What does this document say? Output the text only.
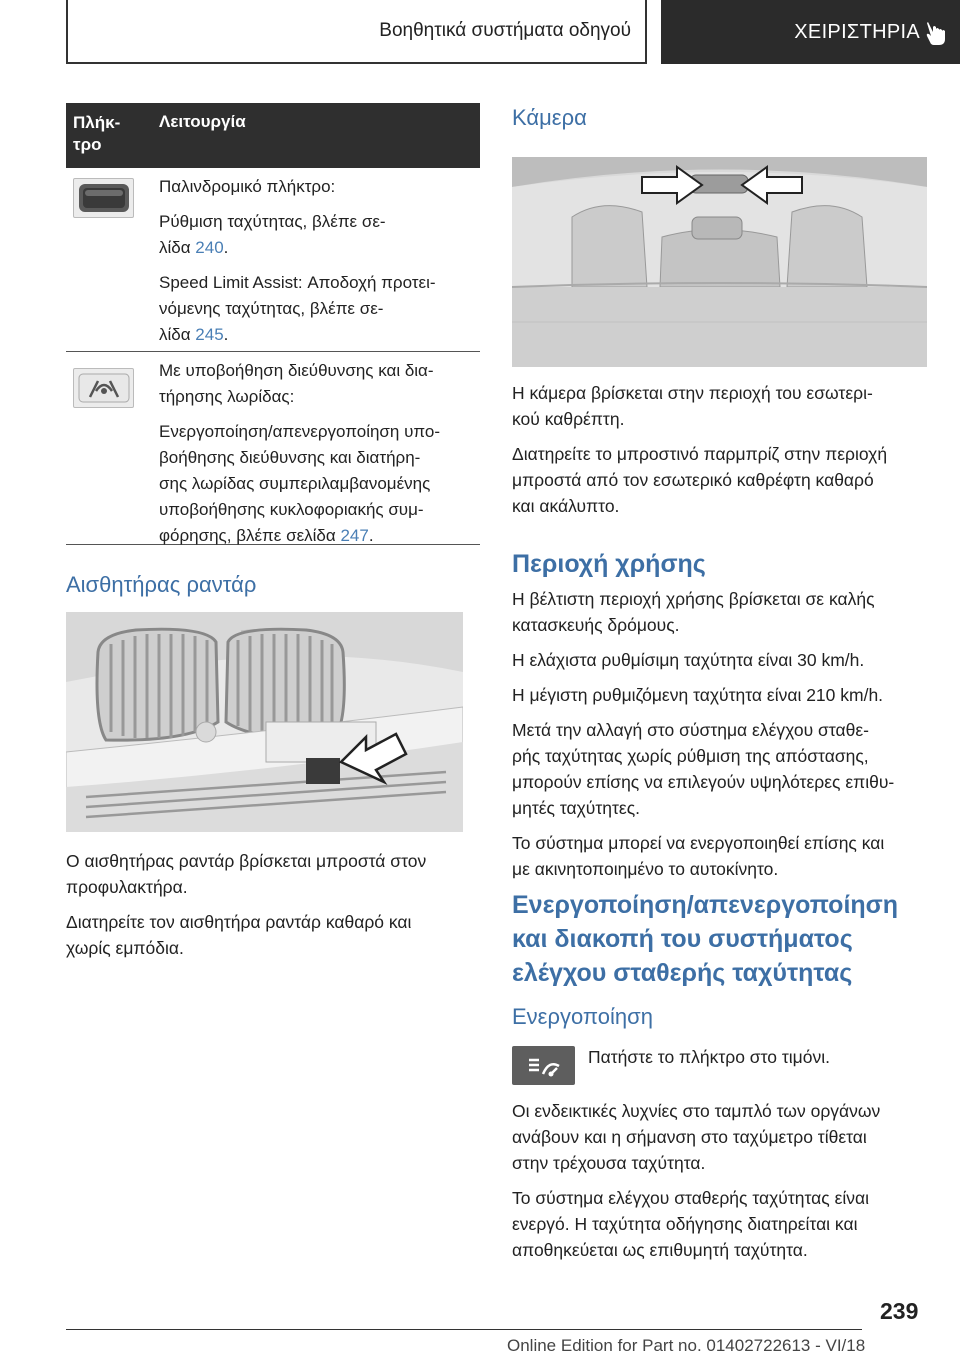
Βοηθητικά συστήματα οδηγού	ΧΕΙΡΙΣΤΗΡΙΑ
Πλήκ-
τρο
Λειτουργία

Παλινδρομικό πλήκτρο:

Ρύθμιση ταχύτητας, βλέπε σε-
λίδα 240.

Speed Limit Assist: Αποδοχή προτει-
νόμενης ταχύτητας, βλέπε σε-
λίδα 245.

Με υποβοήθηση διεύθυνσης και δια-
τήρησης λωρίδας:

Ενεργοποίηση/απενεργοποίηση υπο-
βοήθησης διεύθυνσης και διατήρη-
σης λωρίδας συμπεριλαμβανομένης
υποβοήθησης κυκλοφοριακής συμ-
φόρησης, βλέπε σελίδα 247.

Αισθητήρας ραντάρ

Ο αισθητήρας ραντάρ βρίσκεται μπροστά στον
προφυλακτήρα.

Διατηρείτε τον αισθητήρα ραντάρ καθαρό και
χωρίς εμπόδια.

Κάμερα

Η κάμερα βρίσκεται στην περιοχή του εσωτερι-
κού καθρέπτη.

Διατηρείτε το μπροστινό παρμπρίζ στην περιοχή
μπροστά από τον εσωτερικό καθρέφτη καθαρό
και ακάλυπτο.

Περιοχή χρήσης

Η βέλτιστη περιοχή χρήσης βρίσκεται σε καλής
κατασκευής δρόμους.

Η ελάχιστα ρυθμίσιμη ταχύτητα είναι 30 km/h.

Η μέγιστη ρυθμιζόμενη ταχύτητα είναι 210 km/h.

Μετά την αλλαγή στο σύστημα ελέγχου σταθε-
ρής ταχύτητας χωρίς ρύθμιση της απόστασης,
μπορούν επίσης να επιλεγούν υψηλότερες επιθυ-
μητές ταχύτητες.

Το σύστημα μπορεί να ενεργοποιηθεί επίσης και
με ακινητοποιημένο το αυτοκίνητο.

Ενεργοποίηση/απενεργοποίηση
και διακοπή του συστήματος
ελέγχου σταθερής ταχύτητας
Ενεργοποίηση
Πατήστε το πλήκτρο στο τιμόνι.

Οι ενδεικτικές λυχνίες στο ταμπλό των οργάνων
ανάβουν και η σήμανση στο ταχύμετρο τίθεται
στην τρέχουσα ταχύτητα.

Το σύστημα ελέγχου σταθερής ταχύτητας είναι
ενεργό. Η ταχύτητα οδήγησης διατηρείται και
αποθηκεύεται ως επιθυμητή ταχύτητα.

239
Online Edition for Part no. 01402722613 - VI/18
